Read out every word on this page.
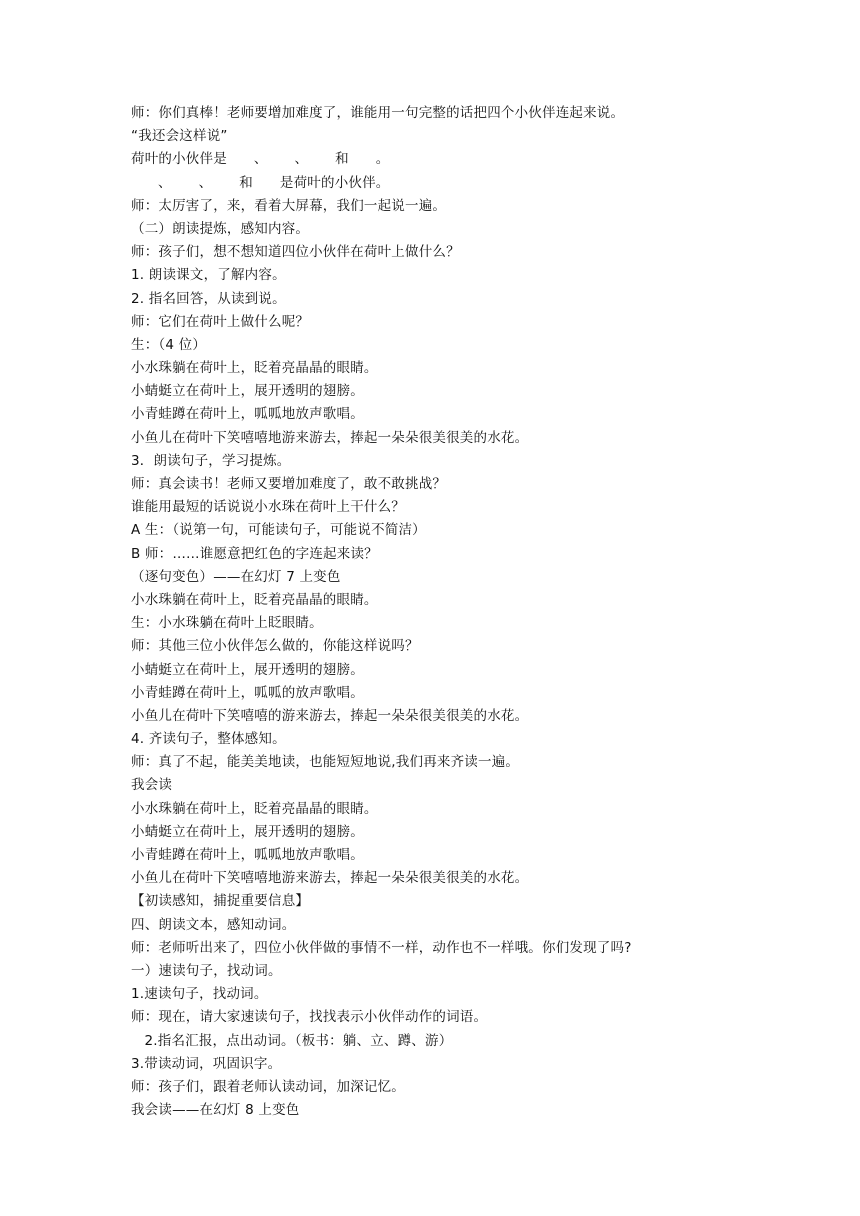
师：你们真棒！老师要增加难度了，谁能用一句完整的话把四个小伙伴连起来说。
“我还会这样说”
荷叶的小伙伴是      、      、      和      。
、      、      和      是荷叶的小伙伴。
师：太厉害了，来，看着大屏幕，我们一起说一遍。
（二）朗读提炼，感知内容。
师：孩子们，想不想知道四位小伙伴在荷叶上做什么？
1. 朗读课文，了解内容。
2. 指名回答，从读到说。
师：它们在荷叶上做什么呢？
生：（4 位）
小水珠躺在荷叶上，眨着亮晶晶的眼睛。
小蜻蜓立在荷叶上，展开透明的翅膀。
小青蛙蹲在荷叶上，呱呱地放声歌唱。
小鱼儿在荷叶下笑嘻嘻地游来游去，捧起一朵朵很美很美的水花。
3．朗读句子，学习提炼。
师：真会读书！老师又要增加难度了，敢不敢挑战？
谁能用最短的话说说小水珠在荷叶上干什么？
A 生：（说第一句，可能读句子，可能说不简洁）
B 师：……谁愿意把红色的字连起来读？
（逐句变色）——在幻灯 7 上变色
小水珠躺在荷叶上，眨着亮晶晶的眼睛。
生：小水珠躺在荷叶上眨眼睛。
师：其他三位小伙伴怎么做的，你能这样说吗？
小蜻蜓立在荷叶上，展开透明的翅膀。
小青蛙蹲在荷叶上，呱呱的放声歌唱。
小鱼儿在荷叶下笑嘻嘻的游来游去，捧起一朵朵很美很美的水花。
4. 齐读句子，整体感知。
师：真了不起，能美美地读，也能短短地说,我们再来齐读一遍。
我会读
小水珠躺在荷叶上，眨着亮晶晶的眼睛。
小蜻蜓立在荷叶上，展开透明的翅膀。
小青蛙蹲在荷叶上，呱呱地放声歌唱。
小鱼儿在荷叶下笑嘻嘻地游来游去，捧起一朵朵很美很美的水花。
【初读感知，捕捉重要信息】
四、朗读文本，感知动词。
师：老师听出来了，四位小伙伴做的事情不一样，动作也不一样哦。你们发现了吗?
一）速读句子，找动词。
1.速读句子，找动词。
师：现在，请大家速读句子，找找表示小伙伴动作的词语。
2.指名汇报，点出动词。（板书：躺、立、蹲、游）
3.带读动词，巩固识字。
师：孩子们，跟着老师认读动词，加深记忆。
我会读——在幻灯 8 上变色
